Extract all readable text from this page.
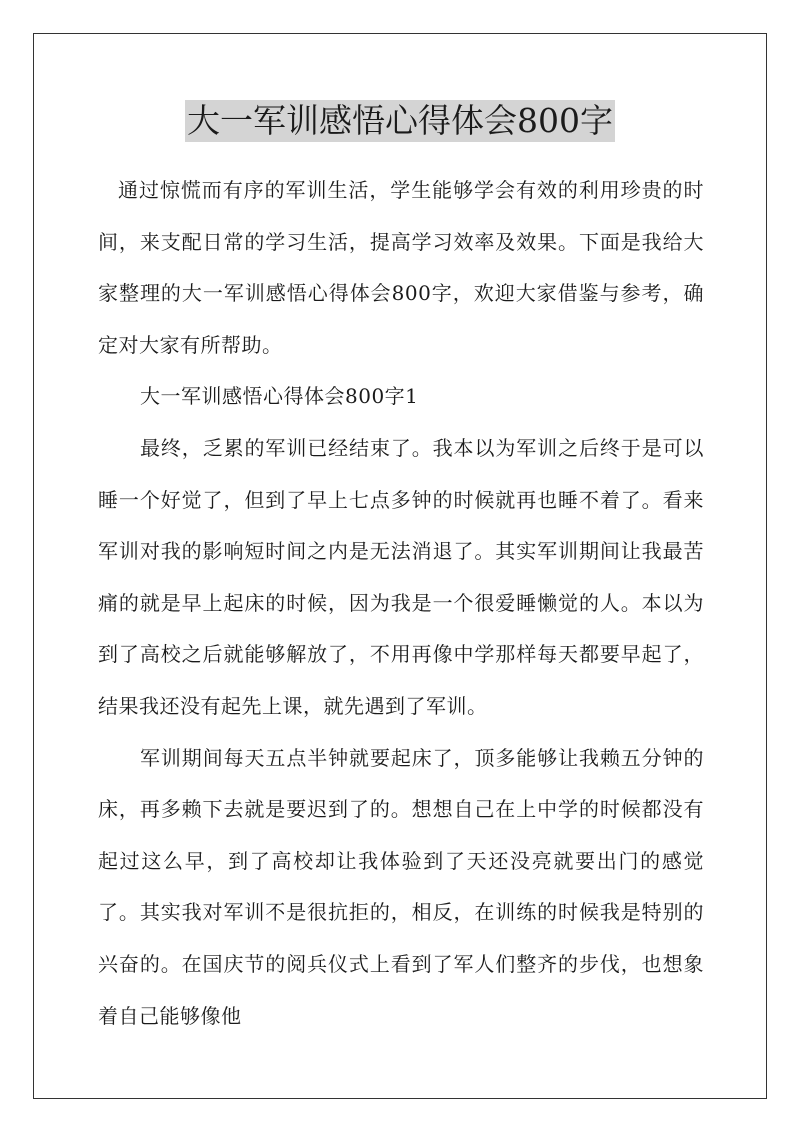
大一军训感悟心得体会800字

通过惊慌而有序的军训生活，学生能够学会有效的利用珍贵的时间，来支配日常的学习生活，提高学习效率及效果。下面是我给大家整理的大一军训感悟心得体会800字，欢迎大家借鉴与参考，确定对大家有所帮助。

大一军训感悟心得体会800字1

最终，乏累的军训已经结束了。我本以为军训之后终于是可以睡一个好觉了，但到了早上七点多钟的时候就再也睡不着了。看来军训对我的影响短时间之内是无法消退了。其实军训期间让我最苦痛的就是早上起床的时候，因为我是一个很爱睡懒觉的人。本以为到了高校之后就能够解放了，不用再像中学那样每天都要早起了，结果我还没有起先上课，就先遇到了军训。

军训期间每天五点半钟就要起床了，顶多能够让我赖五分钟的床，再多赖下去就是要迟到了的。想想自己在上中学的时候都没有起过这么早，到了高校却让我体验到了天还没亮就要出门的感觉了。其实我对军训不是很抗拒的，相反，在训练的时候我是特别的兴奋的。在国庆节的阅兵仪式上看到了军人们整齐的步伐，也想象着自己能够像他
